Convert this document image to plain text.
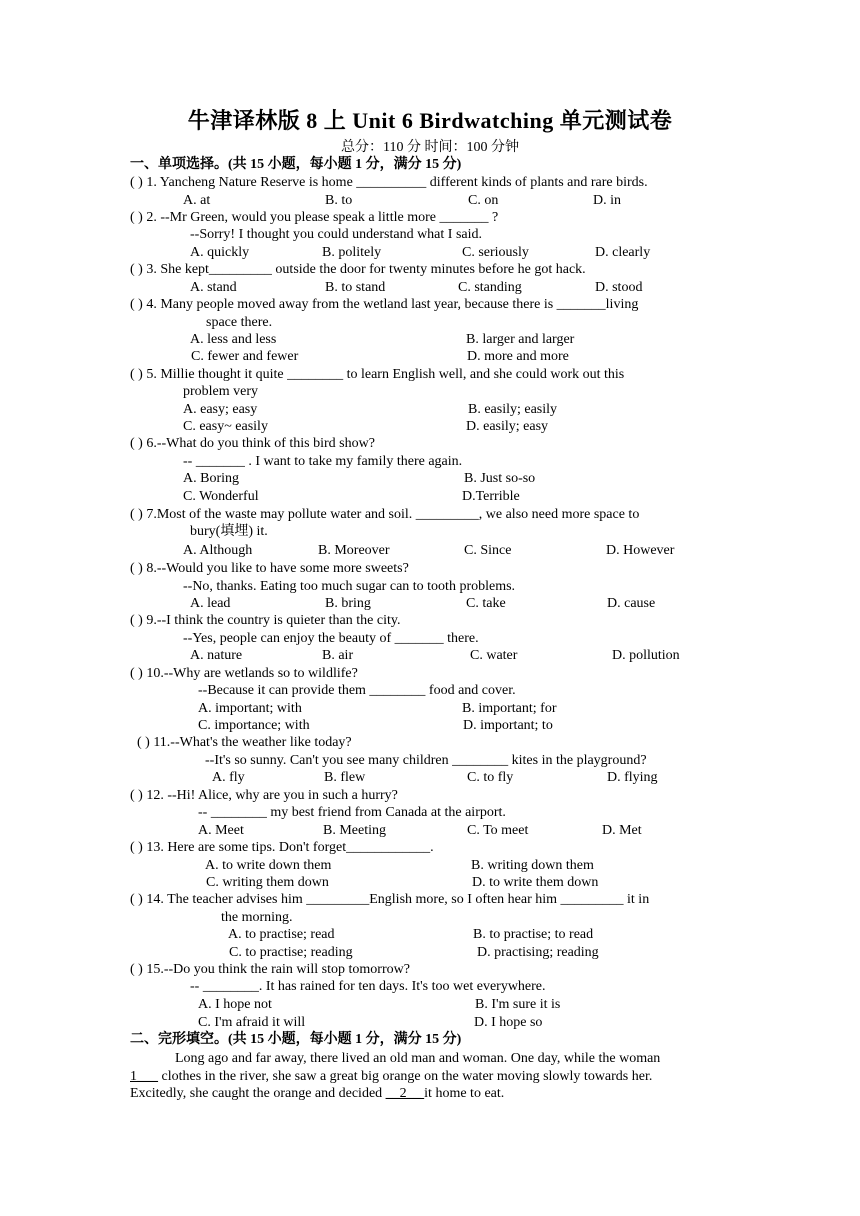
牛津译林版 8 上 Unit 6 Birdwatching 单元测试卷
总分：110 分 时间：100 分钟
一、单项选择。(共 15 小题，每小题 1 分，满分 15 分)
( ) 1. Yancheng Nature Reserve is home __________ different kinds of plants and rare birds.
A. at	B. to	C. on	D. in
( ) 2. --Mr Green, would you please speak a little more _______ ?
--Sorry! I thought you could understand what I said.
A. quickly	B. politely	C. seriously	D. clearly
( ) 3. She kept_________ outside the door for twenty minutes before he got hack.
A. stand	B. to stand	C. standing	D. stood
( ) 4. Many people moved away from the wetland last year, because there is _______living
space there.
A. less and less	B. larger and larger
C. fewer and fewer	D. more and more
( ) 5. Millie thought it quite ________ to learn English well, and she could work out this
problem very
A. easy; easy	B. easily; easily
C. easy~ easily	D. easily; easy
( ) 6.--What do you think of this bird show?
-- _______ . I want to take my family there again.
A. Boring	B. Just so-so
C. Wonderful	D.Terrible
( ) 7.Most of the waste may pollute water and soil. _________, we also need more space to
bury(填埋) it.
A. Although	B. Moreover	C. Since	D. However
( ) 8.--Would you like to have some more sweets?
--No, thanks. Eating too much sugar can to tooth problems.
A. lead	B. bring	C. take	D. cause
( ) 9.--I think the country is quieter than the city.
--Yes, people can enjoy the beauty of _______ there.
A. nature	B. air	C. water	D. pollution
( ) 10.--Why are wetlands so to wildlife?
--Because it can provide them ________ food and cover.
A. important; with	B. important; for
C. importance; with	D. important; to
( ) 11.--What's the weather like today?
--It's so sunny. Can't you see many children ________ kites in the playground?
A. fly	B. flew	C. to fly	D. flying
( ) 12. --Hi! Alice, why are you in such a hurry?
-- ________ my best friend from Canada at the airport.
A. Meet	B. Meeting	C. To meet	D. Met
( ) 13. Here are some tips. Don't forget____________.
A. to write down them	B. writing down them
C. writing them down	D. to write them down
( ) 14. The teacher advises him _________English more, so I often hear him _________ it in
the morning.
A. to practise; read	B. to practise; to read
C. to practise; reading	D. practising; reading
( ) 15.--Do you think the rain will stop tomorrow?
-- ________. It has rained for ten days. It's too wet everywhere.
A. I hope not	B. I'm sure it is
C. I'm afraid it will	D. I hope so
二、完形填空。(共 15 小题，每小题 1 分，满分 15 分)
Long ago and far away, there lived an old man and woman. One day, while the woman
1___ clothes in the river, she saw a great big orange on the water moving slowly towards her.
Excitedly, she caught the orange and decided __2__ it home to eat.
